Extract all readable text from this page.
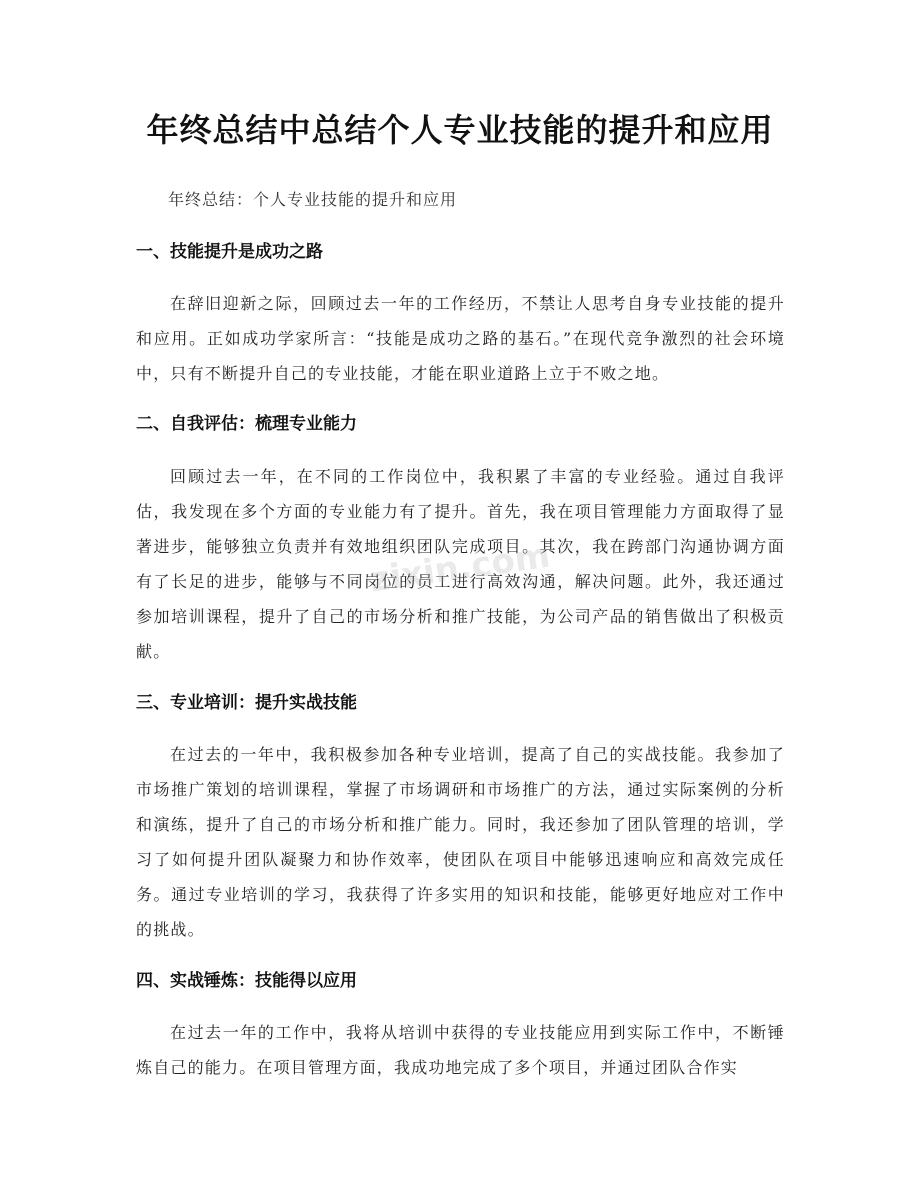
年终总结中总结个人专业技能的提升和应用

年终总结：个人专业技能的提升和应用

一、技能提升是成功之路

在辞旧迎新之际，回顾过去一年的工作经历，不禁让人思考自身专业技能的提升和应用。正如成功学家所言：“技能是成功之路的基石。”在现代竞争激烈的社会环境中，只有不断提升自己的专业技能，才能在职业道路上立于不败之地。

二、自我评估：梳理专业能力

回顾过去一年，在不同的工作岗位中，我积累了丰富的专业经验。通过自我评估，我发现在多个方面的专业能力有了提升。首先，我在项目管理能力方面取得了显著进步，能够独立负责并有效地组织团队完成项目。其次，我在跨部门沟通协调方面有了长足的进步，能够与不同岗位的员工进行高效沟通，解决问题。此外，我还通过参加培训课程，提升了自己的市场分析和推广技能，为公司产品的销售做出了积极贡献。

三、专业培训：提升实战技能

在过去的一年中，我积极参加各种专业培训，提高了自己的实战技能。我参加了市场推广策划的培训课程，掌握了市场调研和市场推广的方法，通过实际案例的分析和演练，提升了自己的市场分析和推广能力。同时，我还参加了团队管理的培训，学习了如何提升团队凝聚力和协作效率，使团队在项目中能够迅速响应和高效完成任务。通过专业培训的学习，我获得了许多实用的知识和技能，能够更好地应对工作中的挑战。

四、实战锤炼：技能得以应用

在过去一年的工作中，我将从培训中获得的专业技能应用到实际工作中，不断锤炼自己的能力。在项目管理方面，我成功地完成了多个项目，并通过团队合作实

zixin.com
